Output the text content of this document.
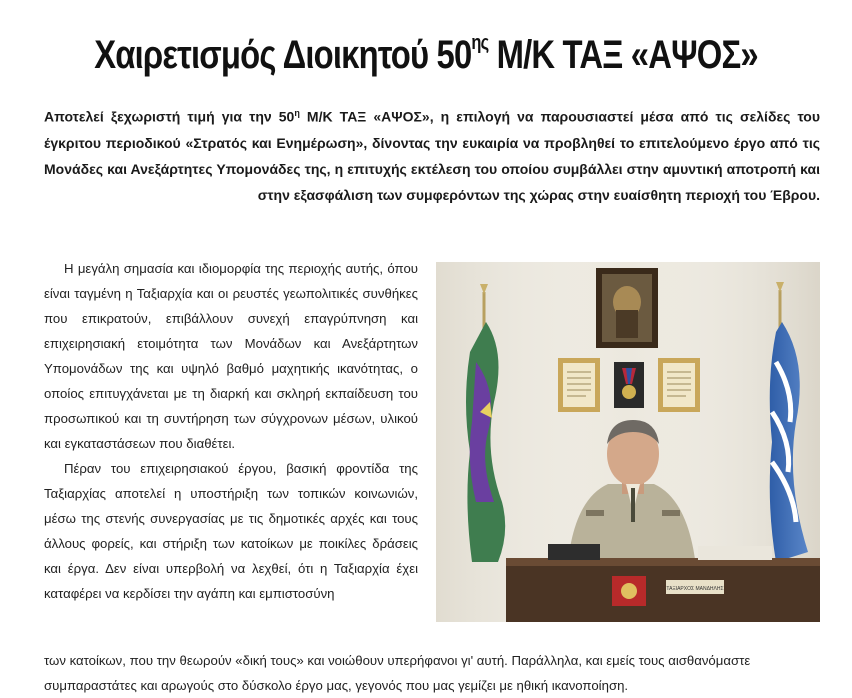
Χαιρετισμός Διοικητού $50^{\eta\varsigma}$ Μ/Κ ΤΑΞ «ΑΨΟΣ»
Αποτελεί ξεχωριστή τιμή για την $50^\eta$ Μ/Κ ΤΑΞ «ΑΨΟΣ», η επιλογή να παρουσιαστεί μέσα από τις σελίδες του έγκριτου περιοδικού «Στρατός και Ενημέρωση», δίνοντας την ευκαιρία να προβληθεί το επιτελούμενο έργο από τις Μονάδες και Ανεξάρτητες Υπομονάδες της, η επιτυχής εκτέλεση του οποίου συμβάλλει στην αμυντική αποτροπή και στην εξασφάλιση των συμφερόντων της χώρας στην ευαίσθητη περιοχή του Έβρου.

Η μεγάλη σημασία και ιδιομορφία της περιοχής αυτής, όπου είναι ταγμένη η Ταξιαρχία και οι ρευστές γεωπολιτικές συνθήκες που επικρατούν, επιβάλλουν συνεχή επαγρύπνηση και επιχειρησιακή ετοιμότητα των Μονάδων και Ανεξάρτητων Υπομονάδων της και υψηλό βαθμό μαχητικής ικανότητας, ο οποίος επιτυγχάνεται με τη διαρκή και σκληρή εκπαίδευση του προσωπικού και τη συντήρηση των σύγχρονων μέσων, υλικού και εγκαταστάσεων που διαθέτει.

Πέραν του επιχειρησιακού έργου, βασική φροντίδα της Ταξιαρχίας αποτελεί η υποστήριξη των τοπικών κοινωνιών, μέσω της στενής συνεργασίας με τις δημοτικές αρχές και τους άλλους φορείς, και στήριξη των κατοίκων με ποικίλες δράσεις και έργα. Δεν είναι υπερβολή να λεχθεί, ότι η Ταξιαρχία έχει καταφέρει να κερδίσει την αγάπη και εμπιστοσύνη

των κατοίκων, που την θεωρούν «δική τους» και νοιώθουν υπερήφανοι γι' αυτή. Παράλληλα, και εμείς τους αισθανόμαστε
συμπαραστάτες και αρωγούς στο δύσκολο έργο μας, γεγονός που μας γεμίζει με ηθική ικανοποίηση.
ΤΑΞΙΑΡΧΟΣ ΜΑΝΔΗΛΗΣ
